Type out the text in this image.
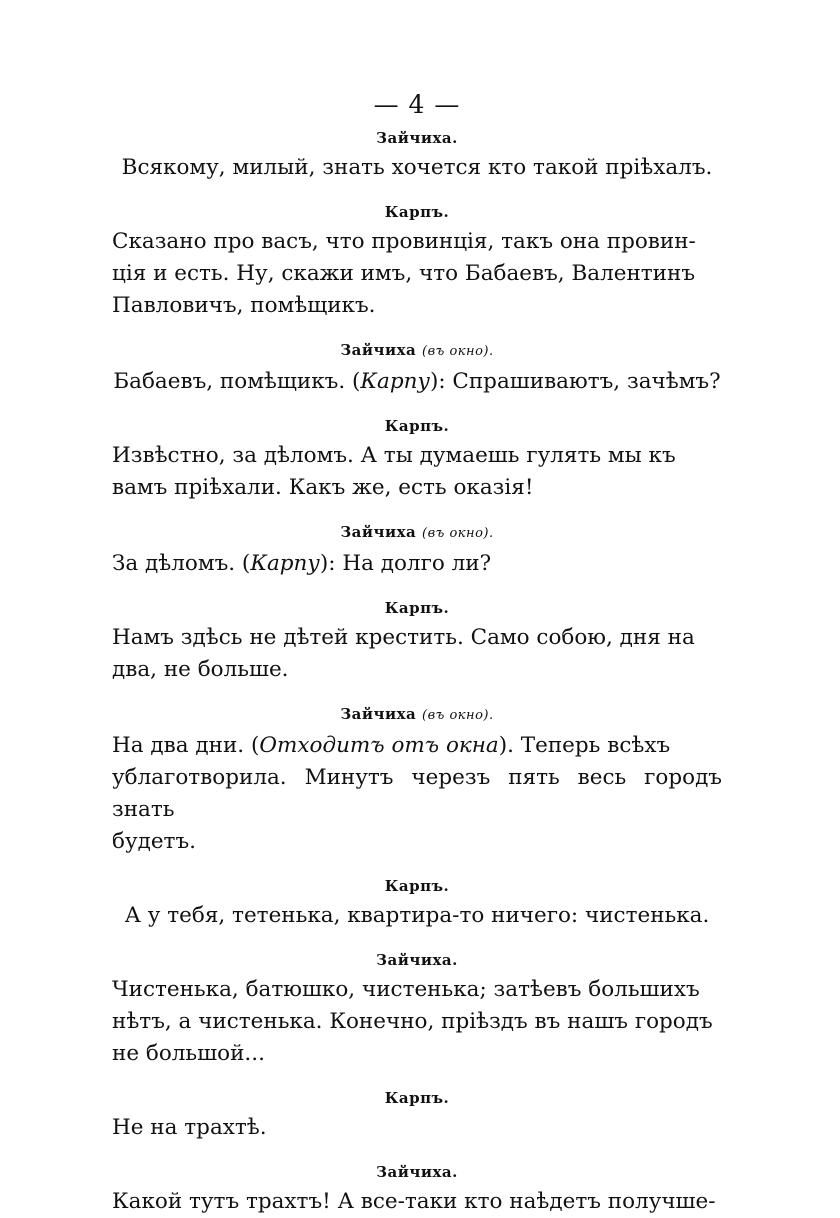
— 4 —
Зайчиха.

Всякому, милый, знать хочется кто такой пріѣхалъ.

Карпъ.

Сказано про васъ, что провинція, такъ она провин-
ція и есть. Ну, скажи имъ, что Бабаевъ, Валентинъ
Павловичъ, помѣщикъ.

Зайчиха (въ окно).

Бабаевъ, помѣщикъ. (Карпу): Спрашиваютъ, зачѣмъ?

Карпъ.

Извѣстно, за дѣломъ. А ты думаешь гулять мы къ
вамъ пріѣхали. Какъ же, есть оказія!

Зайчиха (въ окно).

За дѣломъ. (Карпу): На долго ли?

Карпъ.

Намъ здѣсь не дѣтей крестить. Само собою, дня на
два, не больше.

Зайчиха (въ окно).

На два дни. (Отходитъ отъ окна). Теперь всѣхъ
ублаготворила. Минутъ черезъ пять весь городъ знать
будетъ.

Карпъ.

А у тебя, тетенька, квартира-то ничего: чистенька.

Зайчиха.

Чистенька, батюшко, чистенька; затѣевъ большихъ
нѣтъ, а чистенька. Конечно, пріѣздъ въ нашъ городъ
не большой...

Карпъ.

Не на трахтѣ.

Зайчиха.

Какой тутъ трахтъ! А все-таки кто наѣдетъ получше-
